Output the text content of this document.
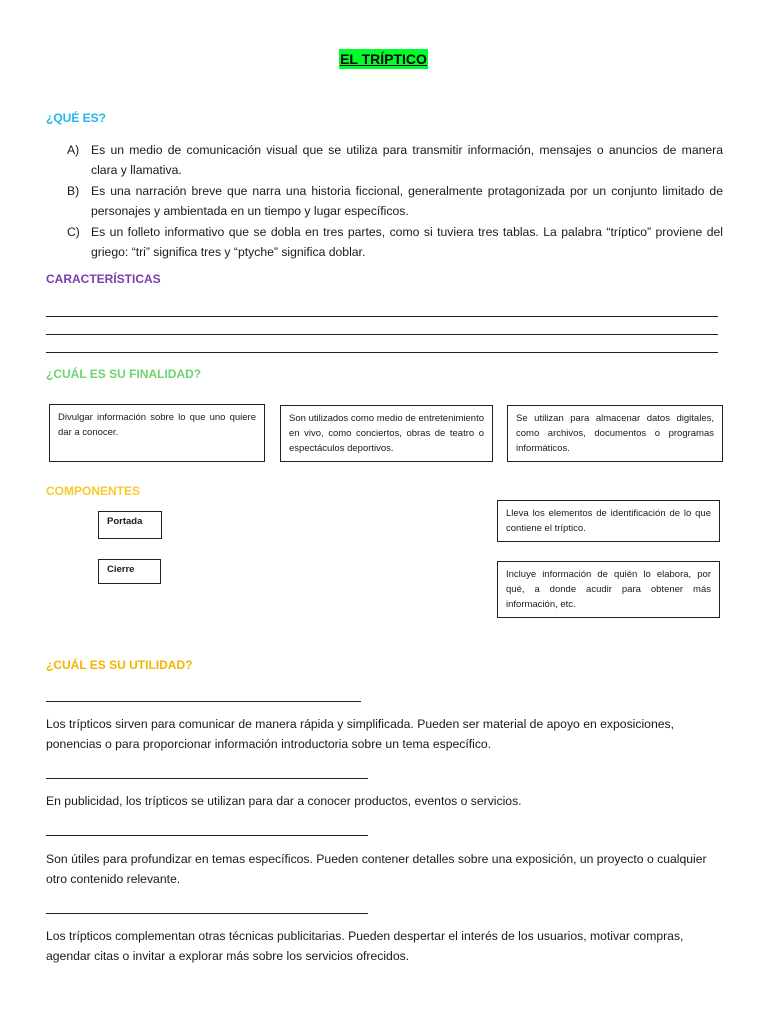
EL TRÍPTICO
¿QUÉ ES?
A) Es un medio de comunicación visual que se utiliza para transmitir información, mensajes o anuncios de manera clara y llamativa.
B) Es una narración breve que narra una historia ficcional, generalmente protagonizada por un conjunto limitado de personajes y ambientada en un tiempo y lugar específicos.
C) Es un folleto informativo que se dobla en tres partes, como si tuviera tres tablas. La palabra “tríptico” proviene del griego: “tri” significa tres y “ptyche” significa doblar.
CARACTERÍSTICAS
¿CUÁL ES SU FINALIDAD?
Divulgar información sobre lo que uno quiere dar a conocer.
Son utilizados como medio de entretenimiento en vivo, como conciertos, obras de teatro o espectáculos deportivos.
Se utilizan para almacenar datos digitales, como archivos, documentos o programas informáticos.
COMPONENTES
Portada
Cierre
Lleva los elementos de identificación de lo que contiene el tríptico.
Incluye información de quién lo elabora, por qué, a donde acudir para obtener más información, etc.
¿CUÁL ES SU UTILIDAD?
Los trípticos sirven para comunicar de manera rápida y simplificada. Pueden ser material de apoyo en exposiciones, ponencias o para proporcionar información introductoria sobre un tema específico.
En publicidad, los trípticos se utilizan para dar a conocer productos, eventos o servicios.
Son útiles para profundizar en temas específicos. Pueden contener detalles sobre una exposición, un proyecto o cualquier otro contenido relevante.
Los trípticos complementan otras técnicas publicitarias. Pueden despertar el interés de los usuarios, motivar compras, agendar citas o invitar a explorar más sobre los servicios ofrecidos.
